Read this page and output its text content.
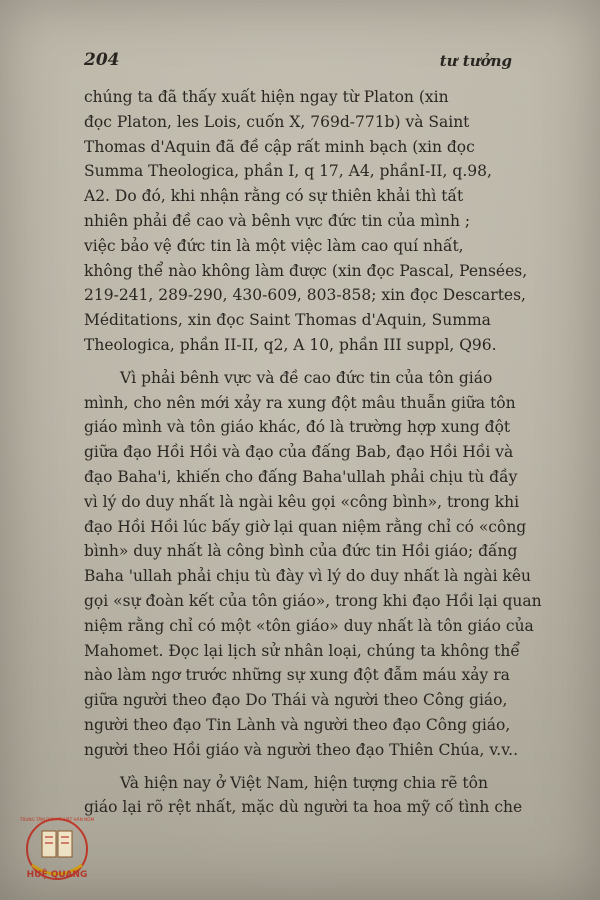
204	tư tưởng

chúng ta đã thấy xuất hiện ngay từ Platon (xin
đọc Platon, les Lois, cuốn X, 769d-771b) và Saint
Thomas d'Aquin đã đề cập rất minh bạch (xin đọc
Summa Theologica, phần I, q 17, A4, phầnI-II, q.98,
A2. Do đó, khi nhận rằng có sự thiên khải thì tất
nhiên phải đề cao và bênh vực đức tin của mình ;
việc bảo vệ đức tin là một việc làm cao quí nhất,
không thể nào không làm được (xin đọc Pascal, Pensées,
219-241, 289-290, 430-609, 803-858; xin đọc Descartes,
Méditations, xin đọc Saint Thomas d'Aquin, Summa
Theologica, phần II-II, q2, A 10, phần III suppl, Q96.

Vì phải bênh vực và đề cao đức tin của tôn giáo
mình, cho nên mới xảy ra xung đột mâu thuẫn giữa tôn
giáo mình và tôn giáo khác, đó là trường hợp xung đột
giữa đạo Hồi Hồi và đạo của đấng Bab, đạo Hồi Hồi và
đạo Baha'i, khiến cho đấng Baha'ullah phải chịu tù đầy
vì lý do duy nhất là ngài kêu gọi «công bình», trong khi
đạo Hồi Hồi lúc bấy giờ lại quan niệm rằng chỉ có «công
bình» duy nhất là công bình của đức tin Hồi giáo; đấng
Baha 'ullah phải chịu tù đày vì lý do duy nhất là ngài kêu
gọi «sự đoàn kết của tôn giáo», trong khi đạo Hồi lại quan
niệm rằng chỉ có một «tôn giáo» duy nhất là tôn giáo của
Mahomet. Đọc lại lịch sử nhân loại, chúng ta không thể
nào làm ngơ trước những sự xung đột đẫm máu xảy ra
giữa người theo đạo Do Thái và người theo Công giáo,
người theo đạo Tin Lành và người theo đạo Công giáo,
người theo Hồi giáo và người theo đạo Thiên Chúa, v.v..

Và hiện nay ở Việt Nam, hiện tượng chia rẽ tôn
giáo lại rõ rệt nhất, mặc dù người ta hoa mỹ cố tình che

TRUNG TÂM DỊCH THUẬT HÁN NÔM
HUỆ QUANG
